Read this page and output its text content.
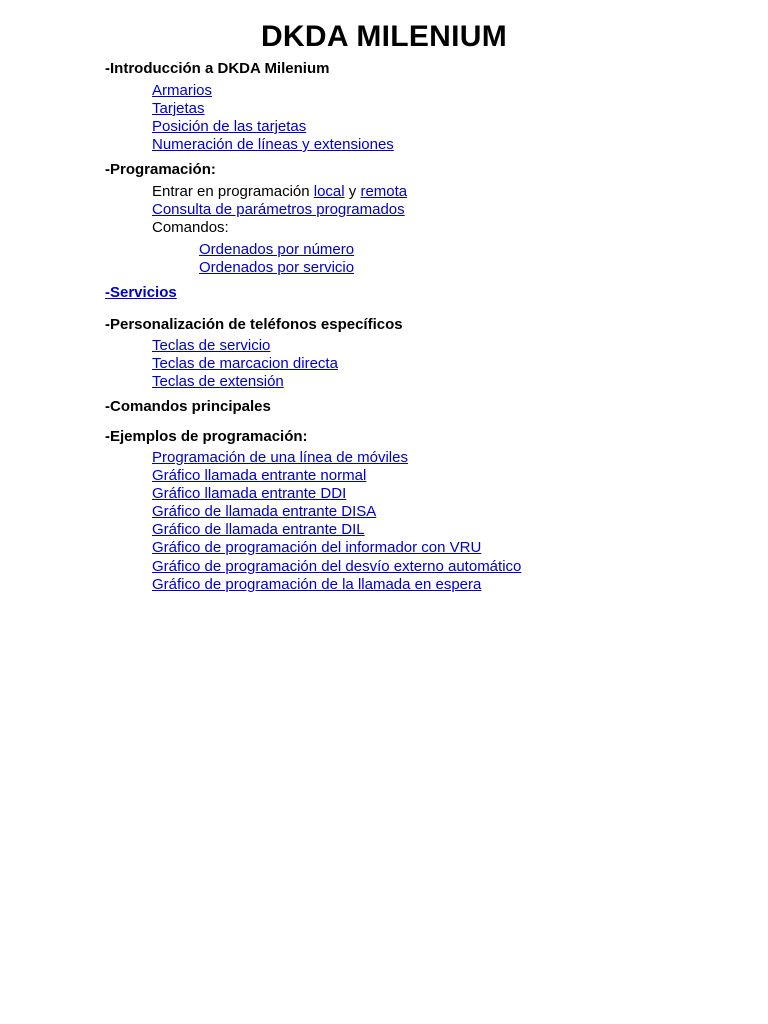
DKDA MILENIUM
-Introducción a DKDA Milenium
Armarios
Tarjetas
Posición de las tarjetas
Numeración de líneas y extensiones
-Programación:
Entrar en programación local y remota
Consulta de parámetros programados
Comandos:
Ordenados por número
Ordenados por servicio
-Servicios
-Personalización de teléfonos específicos
Teclas de servicio
Teclas de marcacion directa
Teclas de extensión
-Comandos principales
-Ejemplos de programación:
Programación de una línea de móviles
Gráfico llamada entrante normal
Gráfico llamada entrante DDI
Gráfico de llamada entrante DISA
Gráfico de llamada entrante DIL
Gráfico de programación del informador con VRU
Gráfico de programación del desvío externo automático
Gráfico de programación de la llamada en espera
